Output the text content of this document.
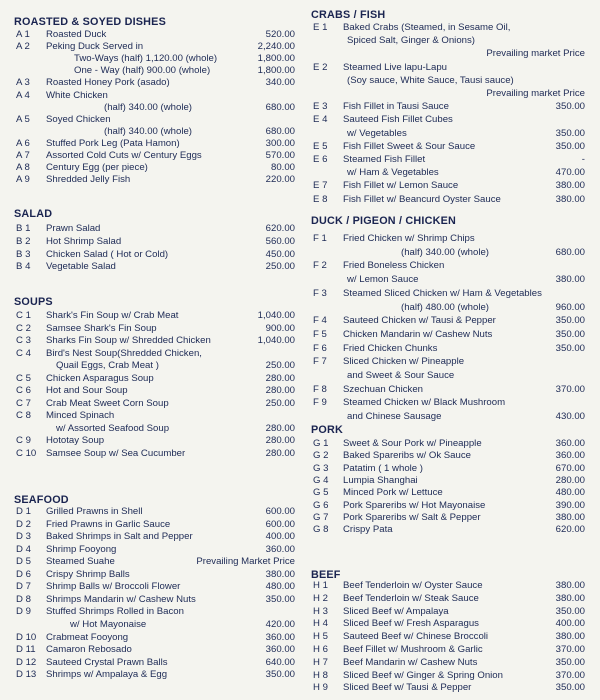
ROASTED & SOYED DISHES
A 1	Roasted Duck	520.00
A 2	Peking Duck Served in	2,240.00
Two-Ways (half) 1,120.00 (whole)	1,800.00
One - Way (half) 900.00 (whole)	1,800.00
A 3	Roasted Honey Pork (asado)	340.00
A 4	White Chicken
(half) 340.00 (whole)	680.00
A 5	Soyed Chicken
(half) 340.00 (whole)	680.00
A 6	Stuffed Pork Leg (Pata Hamon)	300.00
A 7	Assorted Cold Cuts w/ Century Eggs	570.00
A 8	Century Egg (per piece)	80.00
A 9	Shredded Jelly Fish	220.00
SALAD
B 1	Prawn Salad	620.00
B 2	Hot Shrimp Salad	560.00
B 3	Chicken Salad ( Hot or Cold)	450.00
B 4	Vegetable Salad	250.00
SOUPS
C 1	Shark's Fin Soup w/ Crab Meat	1,040.00
C 2	Samsee Shark's Fin Soup	900.00
C 3	Sharks Fin Soup w/ Shredded Chicken	1,040.00
C 4	Bird's Nest Soup(Shredded Chicken,
Quail Eggs, Crab Meat )	250.00
C 5	Chicken Asparagus Soup	280.00
C 6	Hot and Sour Soup	280.00
C 7	Crab Meat Sweet Corn Soup	250.00
C 8	Minced Spinach
w/ Assorted Seafood Soup	280.00
C 9	Hototay Soup	280.00
C 10	Samsee Soup w/ Sea Cucumber	280.00
SEAFOOD
D 1	Grilled Prawns in Shell	600.00
D 2	Fried Prawns in Garlic Sauce	600.00
D 3	Baked Shrimps in Salt and Pepper	400.00
D 4	Shrimp Fooyong	360.00
D 5	Steamed Suahe	Prevailing Market Price
D 6	Crispy Shrimp Balls	380.00
D 7	Shrimp Balls w/ Broccoli Flower	480.00
D 8	Shrimps Mandarin w/ Cashew Nuts	350.00
D 9	Stuffed Shrimps Rolled in Bacon
w/ Hot Mayonaise	420.00
D 10	Crabmeat Fooyong	360.00
D 11	Camaron Rebosado	360.00
D 12	Sauteed Crystal Prawn Balls	640.00
D 13	Shrimps w/ Ampalaya & Egg	350.00
CRABS / FISH
E 1	Baked Crabs (Steamed, in Sesame Oil,
Spiced Salt, Ginger & Onions)
Prevailing market Price
E 2	Steamed Live lapu-Lapu
(Soy sauce, White Sauce, Tausi sauce)
Prevailing market Price
E 3	Fish Fillet in Tausi Sauce	350.00
E 4	Sauteed Fish Fillet Cubes
w/ Vegetables	350.00
E 5	Fish Fillet Sweet & Sour Sauce	350.00
E 6	Steamed Fish Fillet	-
w/ Ham & Vegetables	470.00
E 7	Fish Fillet w/ Lemon Sauce	380.00
E 8	Fish Fillet w/ Beancurd Oyster Sauce	380.00
DUCK / PIGEON / CHICKEN
F 1	Fried Chicken w/ Shrimp Chips
(half) 340.00 (whole)	680.00
F 2	Fried Boneless Chicken
w/ Lemon Sauce	380.00
F 3	Steamed Sliced Chicken w/ Ham & Vegetables
(half) 480.00 (whole)	960.00
F 4	Sauteed Chicken w/ Tausi & Pepper	350.00
F 5	Chicken Mandarin w/ Cashew Nuts	350.00
F 6	Fried Chicken Chunks	350.00
F 7	Sliced Chicken w/ Pineapple
and Sweet & Sour Sauce
F 8	Szechuan Chicken	370.00
F 9	Steamed Chicken w/ Black Mushroom
and Chinese Sausage	430.00
PORK
G 1	Sweet & Sour Pork w/ Pineapple	360.00
G 2	Baked Spareribs w/ Ok Sauce	360.00
G 3	Patatim ( 1 whole )	670.00
G 4	Lumpia Shanghai	280.00
G 5	Minced Pork w/ Lettuce	480.00
G 6	Pork Spareribs w/ Hot Mayonaise	390.00
G 7	Pork Spareribs w/ Salt & Pepper	380.00
G 8	Crispy Pata	620.00
BEEF
H 1	Beef Tenderloin w/ Oyster Sauce	380.00
H 2	Beef Tenderloin w/ Steak Sauce	380.00
H 3	Sliced Beef w/ Ampalaya	350.00
H 4	Sliced Beef w/ Fresh Asparagus	400.00
H 5	Sauteed Beef w/ Chinese Broccoli	380.00
H 6	Beef Fillet w/ Mushroom & Garlic	370.00
H 7	Beef Mandarin w/ Cashew Nuts	350.00
H 8	Sliced Beef w/ Ginger & Spring Onion	370.00
H 9	Sliced Beef w/ Tausi & Pepper	350.00
